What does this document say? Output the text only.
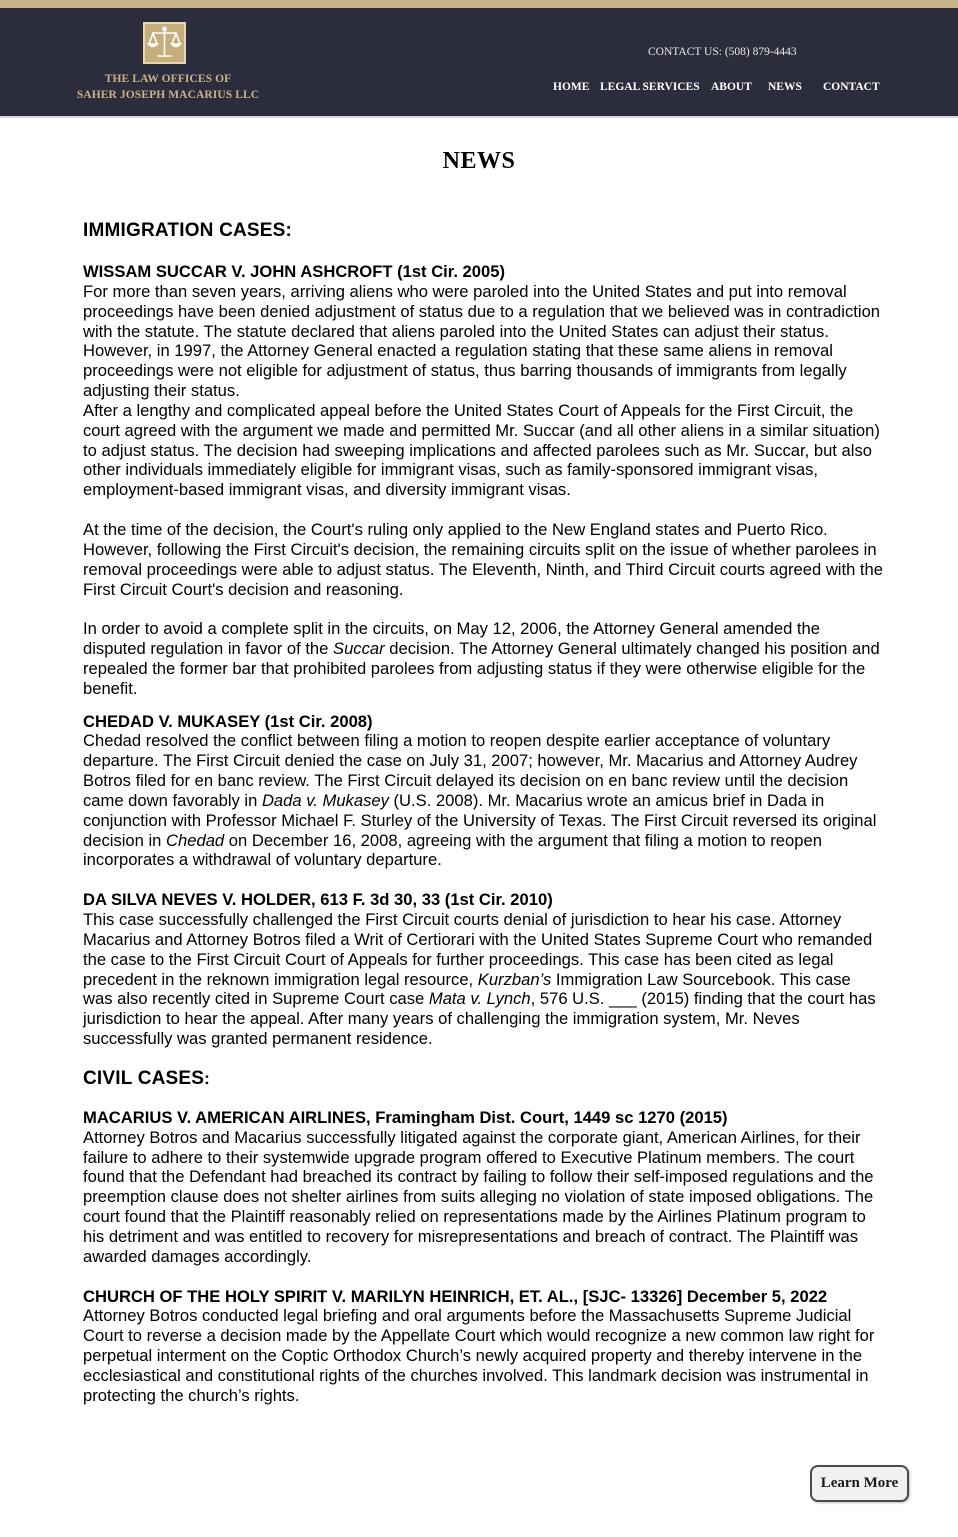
THE LAW OFFICES OF
SAHER JOSEPH MACARIUS LLC
CONTACT US: (508) 879-4443
HOME LEGAL SERVICES ABOUT NEWS CONTACT
NEWS
IMMIGRATION CASES:

WISSAM SUCCAR V. JOHN ASHCROFT (1st Cir. 2005)

For more than seven years, arriving aliens who were paroled into the United States and put into removal proceedings have been denied adjustment of status due to a regulation that we believed was in contradiction with the statute. The statute declared that aliens paroled into the United States can adjust their status. However, in 1997, the Attorney General enacted a regulation stating that these same aliens in removal proceedings were not eligible for adjustment of status, thus barring thousands of immigrants from legally adjusting their status.

After a lengthy and complicated appeal before the United States Court of Appeals for the First Circuit, the court agreed with the argument we made and permitted Mr. Succar (and all other aliens in a similar situation) to adjust status. The decision had sweeping implications and affected parolees such as Mr. Succar, but also other individuals immediately eligible for immigrant visas, such as family-sponsored immigrant visas, employment-based immigrant visas, and diversity immigrant visas.

At the time of the decision, the Court's ruling only applied to the New England states and Puerto Rico. However, following the First Circuit's decision, the remaining circuits split on the issue of whether parolees in removal proceedings were able to adjust status. The Eleventh, Ninth, and Third Circuit courts agreed with the First Circuit Court's decision and reasoning.

In order to avoid a complete split in the circuits, on May 12, 2006, the Attorney General amended the disputed regulation in favor of the Succar decision. The Attorney General ultimately changed his position and repealed the former bar that prohibited parolees from adjusting status if they were otherwise eligible for the benefit.

CHEDAD V. MUKASEY (1st Cir. 2008)

Chedad resolved the conflict between filing a motion to reopen despite earlier acceptance of voluntary departure. The First Circuit denied the case on July 31, 2007; however, Mr. Macarius and Attorney Audrey Botros filed for en banc review. The First Circuit delayed its decision on en banc review until the decision came down favorably in Dada v. Mukasey (U.S. 2008). Mr. Macarius wrote an amicus brief in Dada in conjunction with Professor Michael F. Sturley of the University of Texas. The First Circuit reversed its original decision in Chedad on December 16, 2008, agreeing with the argument that filing a motion to reopen incorporates a withdrawal of voluntary departure.

DA SILVA NEVES V. HOLDER, 613 F. 3d 30, 33 (1st Cir. 2010)

This case successfully challenged the First Circuit courts denial of jurisdiction to hear his case. Attorney Macarius and Attorney Botros filed a Writ of Certiorari with the United States Supreme Court who remanded the case to the First Circuit Court of Appeals for further proceedings. This case has been cited as legal precedent in the reknown immigration legal resource, Kurzban’s Immigration Law Sourcebook. This case was also recently cited in Supreme Court case Mata v. Lynch, 576 U.S. ___ (2015) finding that the court has jurisdiction to hear the appeal. After many years of challenging the immigration system, Mr. Neves successfully was granted permanent residence.

CIVIL CASES:

MACARIUS V. AMERICAN AIRLINES, Framingham Dist. Court, 1449 sc 1270 (2015)

Attorney Botros and Macarius successfully litigated against the corporate giant, American Airlines, for their failure to adhere to their systemwide upgrade program offered to Executive Platinum members. The court found that the Defendant had breached its contract by failing to follow their self-imposed regulations and the preemption clause does not shelter airlines from suits alleging no violation of state imposed obligations. The court found that the Plaintiff reasonably relied on representations made by the Airlines Platinum program to his detriment and was entitled to recovery for misrepresentations and breach of contract. The Plaintiff was awarded damages accordingly.

CHURCH OF THE HOLY SPIRIT V. MARILYN HEINRICH, ET. AL., [SJC- 13326] December 5, 2022

Attorney Botros conducted legal briefing and oral arguments before the Massachusetts Supreme Judicial Court to reverse a decision made by the Appellate Court which would recognize a new common law right for perpetual interment on the Coptic Orthodox Church’s newly acquired property and thereby intervene in the ecclesiastical and constitutional rights of the churches involved. This landmark decision was instrumental in protecting the church’s rights.

Learn More
